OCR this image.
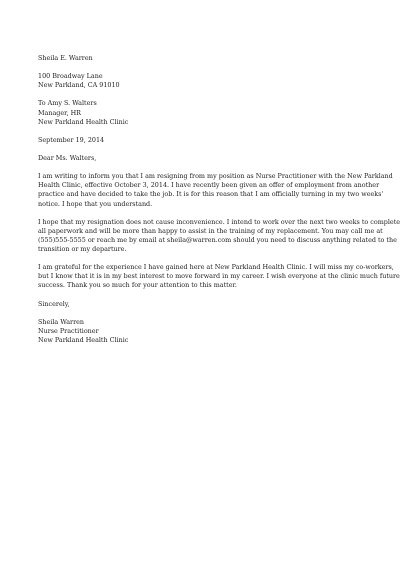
Sheila E. Warren
100 Broadway Lane
New Parkland, CA 91010
To Amy S. Walters
Manager, HR
New Parkland Health Clinic
September 19, 2014
Dear Ms. Walters,
I am writing to inform you that I am resigning from my position as Nurse Practitioner with the New Parkland
Health Clinic, effective October 3, 2014. I have recently been given an offer of employment from another
practice and have decided to take the job. It is for this reason that I am officially turning in my two weeks'
notice. I hope that you understand.
I hope that my resignation does not cause inconvenience. I intend to work over the next two weeks to complete
all paperwork and will be more than happy to assist in the training of my replacement. You may call me at
(555)555-5555 or reach me by email at sheila@warren.com should you need to discuss anything related to the
transition or my departure.
I am grateful for the experience I have gained here at New Parkland Health Clinic. I will miss my co-workers,
but I know that it is in my best interest to move forward in my career. I wish everyone at the clinic much future
success. Thank you so much for your attention to this matter.
Sincerely,
Sheila Warren
Nurse Practitioner
New Parkland Health Clinic
